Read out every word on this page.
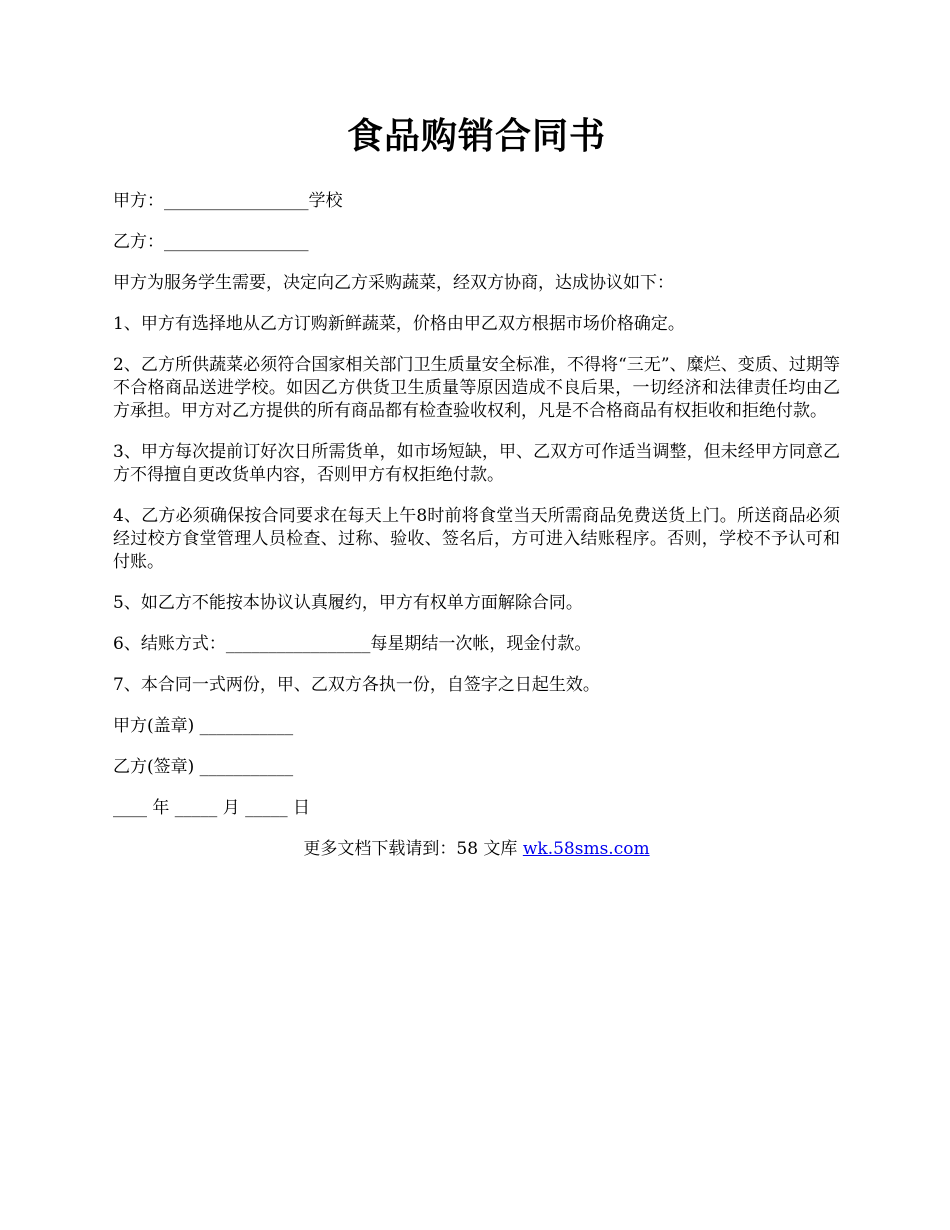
食品购销合同书

甲方：_________________学校

乙方：_________________

甲方为服务学生需要，决定向乙方采购蔬菜，经双方协商，达成协议如下：

1、甲方有选择地从乙方订购新鲜蔬菜，价格由甲乙双方根据市场价格确定。

2、乙方所供蔬菜必须符合国家相关部门卫生质量安全标准，不得将“三无”、糜烂、变质、过期等不合格商品送进学校。如因乙方供货卫生质量等原因造成不良后果，一切经济和法律责任均由乙方承担。甲方对乙方提供的所有商品都有检查验收权利，凡是不合格商品有权拒收和拒绝付款。

3、甲方每次提前订好次日所需货单，如市场短缺，甲、乙双方可作适当调整，但未经甲方同意乙方不得擅自更改货单内容，否则甲方有权拒绝付款。

4、乙方必须确保按合同要求在每天上午8时前将食堂当天所需商品免费送货上门。所送商品必须经过校方食堂管理人员检查、过称、验收、签名后，方可进入结账程序。否则，学校不予认可和付账。

5、如乙方不能按本协议认真履约，甲方有权单方面解除合同。

6、结账方式：_________________每星期结一次帐，现金付款。

7、本合同一式两份，甲、乙双方各执一份，自签字之日起生效。

甲方(盖章) ___________

乙方(签章) ___________

____ 年 _____ 月 _____ 日

更多文档下载请到：58 文库 wk.58sms.com
